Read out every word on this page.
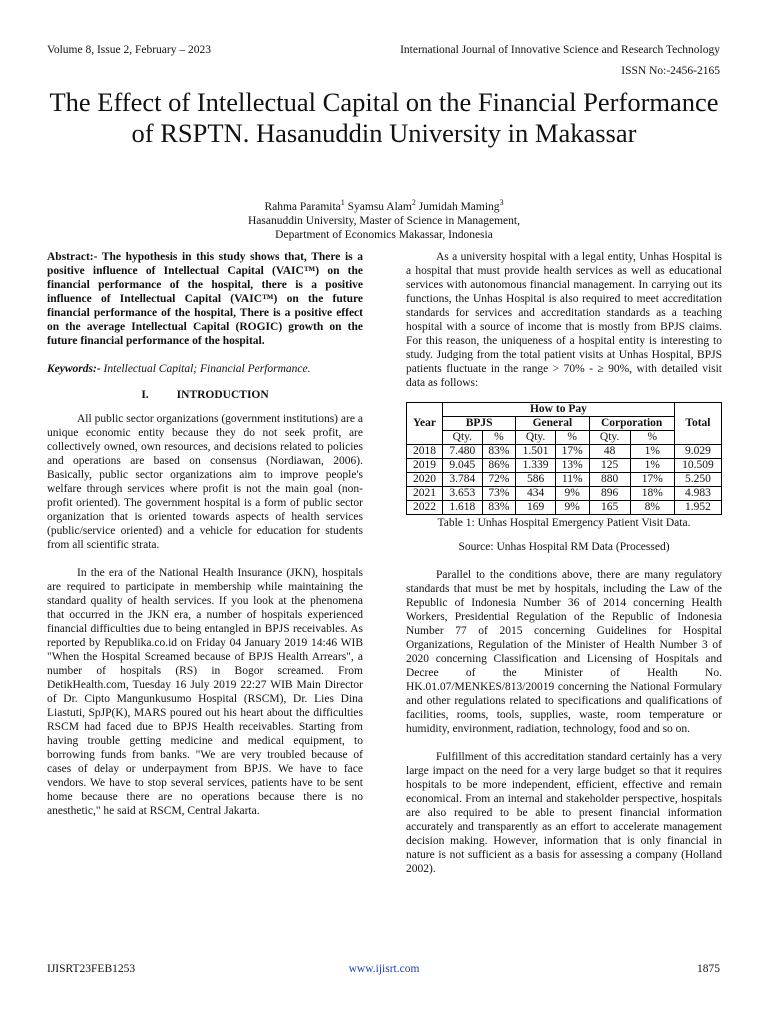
Volume 8, Issue 2, February – 2023	International Journal of Innovative Science and Research Technology
ISSN No:-2456-2165
The Effect of Intellectual Capital on the Financial Performance of RSPTN. Hasanuddin University in Makassar
Rahma Paramita$^1$ Syamsu Alam$^2$ Jumidah Maming$^3$
Hasanuddin University, Master of Science in Management,
Department of Economics Makassar, Indonesia

Abstract:- The hypothesis in this study shows that, There is a positive influence of Intellectual Capital (VAIC™) on the financial performance of the hospital, there is a positive influence of Intellectual Capital (VAIC™) on the future financial performance of the hospital, There is a positive effect on the average Intellectual Capital (ROGIC) growth on the future financial performance of the hospital.

Keywords:- Intellectual Capital; Financial Performance.

I. INTRODUCTION

All public sector organizations (government institutions) are a unique economic entity because they do not seek profit, are collectively owned, own resources, and decisions related to policies and operations are based on consensus (Nordiawan, 2006). Basically, public sector organizations aim to improve people's welfare through services where profit is not the main goal (non-profit oriented). The government hospital is a form of public sector organization that is oriented towards aspects of health services (public/service oriented) and a vehicle for education for students from all scientific strata.

In the era of the National Health Insurance (JKN), hospitals are required to participate in membership while maintaining the standard quality of health services. If you look at the phenomena that occurred in the JKN era, a number of hospitals experienced financial difficulties due to being entangled in BPJS receivables. As reported by Republika.co.id on Friday 04 January 2019 14:46 WIB "When the Hospital Screamed because of BPJS Health Arrears", a number of hospitals (RS) in Bogor screamed. From DetikHealth.com, Tuesday 16 July 2019 22:27 WIB Main Director of Dr. Cipto Mangunkusumo Hospital (RSCM), Dr. Lies Dina Liastuti, SpJP(K), MARS poured out his heart about the difficulties RSCM had faced due to BPJS Health receivables. Starting from having trouble getting medicine and medical equipment, to borrowing funds from banks. "We are very troubled because of cases of delay or underpayment from BPJS. We have to face vendors. We have to stop several services, patients have to be sent home because there are no operations because there is no anesthetic," he said at RSCM, Central Jakarta.

As a university hospital with a legal entity, Unhas Hospital is a hospital that must provide health services as well as educational services with autonomous financial management. In carrying out its functions, the Unhas Hospital is also required to meet accreditation standards for services and accreditation standards as a teaching hospital with a source of income that is mostly from BPJS claims. For this reason, the uniqueness of a hospital entity is interesting to study. Judging from the total patient visits at Unhas Hospital, BPJS patients fluctuate in the range > 70% - ≥ 90%, with detailed visit data as follows:

Year	How to Pay						Total
	BPJS		General		Corporation		
	Qty.	%	Qty.	%	Qty.	%	
2018	7.480	83%	1.501	17%	48	1%	9.029
2019	9.045	86%	1.339	13%	125	1%	10.509
2020	3.784	72%	586	11%	880	17%	5.250
2021	3.653	73%	434	9%	896	18%	4.983
2022	1.618	83%	169	9%	165	8%	1.952

Table 1: Unhas Hospital Emergency Patient Visit Data.

Source: Unhas Hospital RM Data (Processed)

Parallel to the conditions above, there are many regulatory standards that must be met by hospitals, including the Law of the Republic of Indonesia Number 36 of 2014 concerning Health Workers, Presidential Regulation of the Republic of Indonesia Number 77 of 2015 concerning Guidelines for Hospital Organizations, Regulation of the Minister of Health Number 3 of 2020 concerning Classification and Licensing of Hospitals and Decree of the Minister of Health No. HK.01.07/MENKES/813/20019 concerning the National Formulary and other regulations related to specifications and qualifications of facilities, rooms, tools, supplies, waste, room temperature or humidity, environment, radiation, technology, food and so on.

Fulfillment of this accreditation standard certainly has a very large impact on the need for a very large budget so that it requires hospitals to be more independent, efficient, effective and remain economical. From an internal and stakeholder perspective, hospitals are also required to be able to present financial information accurately and transparently as an effort to accelerate management decision making. However, information that is only financial in nature is not sufficient as a basis for assessing a company (Holland 2002).

IJISRT23FEB1253	www.ijisrt.com	1875
